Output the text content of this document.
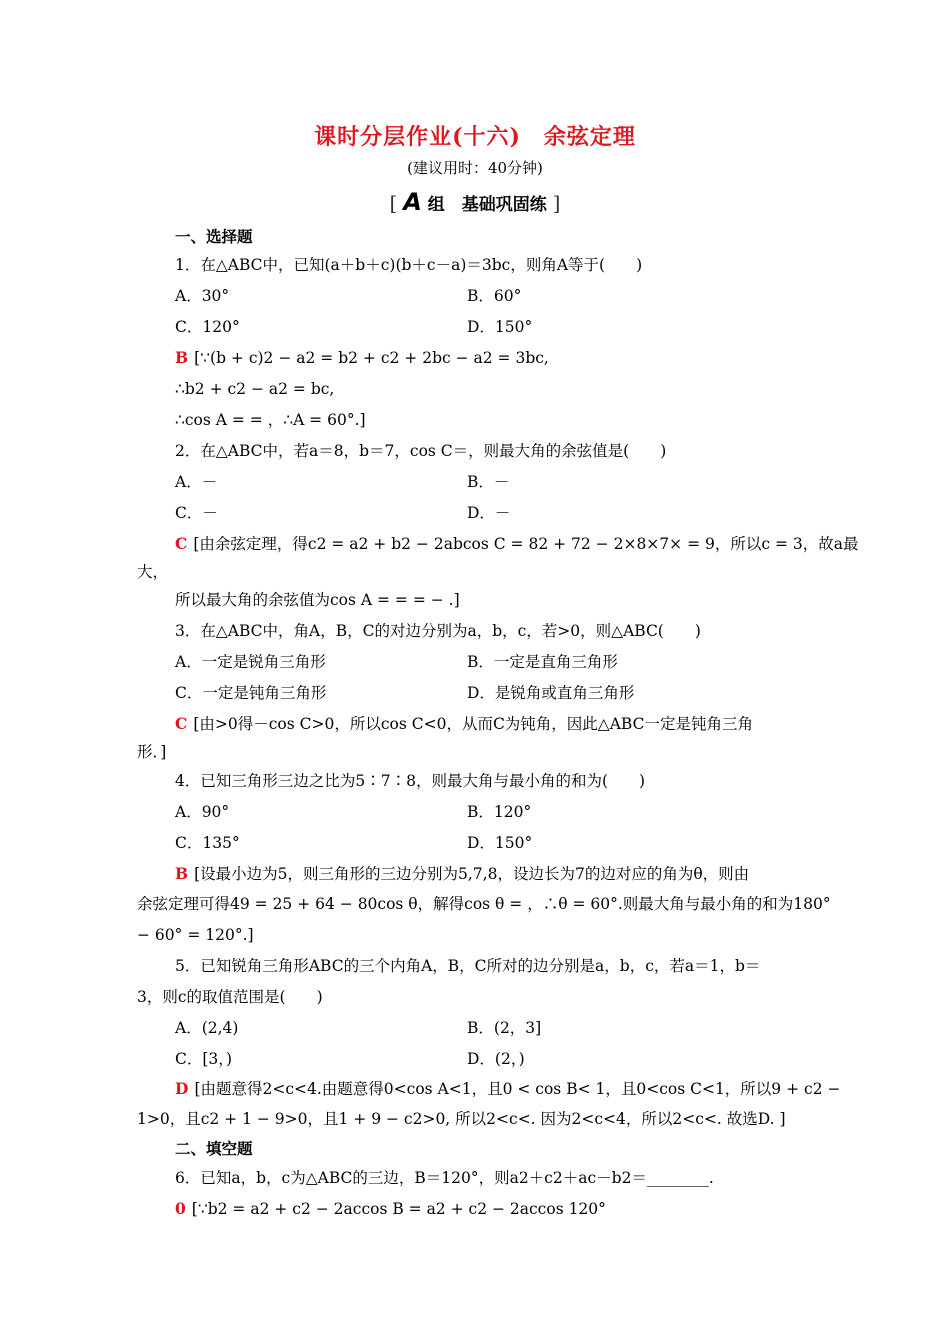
课时分层作业(十六)　余弦定理
(建议用时：40分钟)
[ A 组　基础巩固练 ]
一、选择题
1．在△ABC中，已知(a＋b＋c)(b＋c－a)＝3bc，则角A等于(　　)
A．30°	B．60°
C．120°	D．150°
B [∵(b + c)2 − a2 = b2 + c2 + 2bc − a2 = 3bc,
∴b2 + c2 − a2 = bc,
∴cos A = = ，∴A = 60°.]
2．在△ABC中，若a＝8，b＝7，cos C＝，则最大角的余弦值是(　　)
A．－	B．－
C．－	D．－
C [由余弦定理，得c2 = a2 + b2 − 2abcos C = 82 + 72 − 2×8×7× = 9，所以c = 3，故a最
大，
所以最大角的余弦值为cos A = = = − .]
3．在△ABC中，角A，B，C的对边分别为a，b，c，若>0，则△ABC(　　)
A．一定是锐角三角形	B．一定是直角三角形
C．一定是钝角三角形	D．是锐角或直角三角形
C [由>0得－cos C>0，所以cos C<0，从而C为钝角，因此△ABC一定是钝角三角
形．]
4．已知三角形三边之比为5∶7∶8，则最大角与最小角的和为(　　)
A．90°	B．120°
C．135°	D．150°
B [设最小边为5，则三角形的三边分别为5,7,8，设边长为7的边对应的角为θ，则由
余弦定理可得49 = 25 + 64 − 80cos θ，解得cos θ = ，∴θ = 60°.则最大角与最小角的和为180°
− 60° = 120°.]
5．已知锐角三角形ABC的三个内角A，B，C所对的边分别是a，b，c，若a＝1，b＝
3，则c的取值范围是(　　)
A．(2,4)	B．(2，3]
C．[3，)	D．(2，)
D [由题意得2<c<4.由题意得0<cos A<1，且0 < cos B< 1，且0<cos C<1，所以9 + c2 −
1>0，且c2 + 1 − 9>0，且1 + 9 − c2>0, 所以2<c<. 因为2<c<4，所以2<c<. 故选D. ]
二、填空题
6．已知a，b，c为△ABC的三边，B＝120°，则a2＋c2＋ac－b2＝________.
0 [∵b2 = a2 + c2 − 2accos B = a2 + c2 − 2accos 120°
